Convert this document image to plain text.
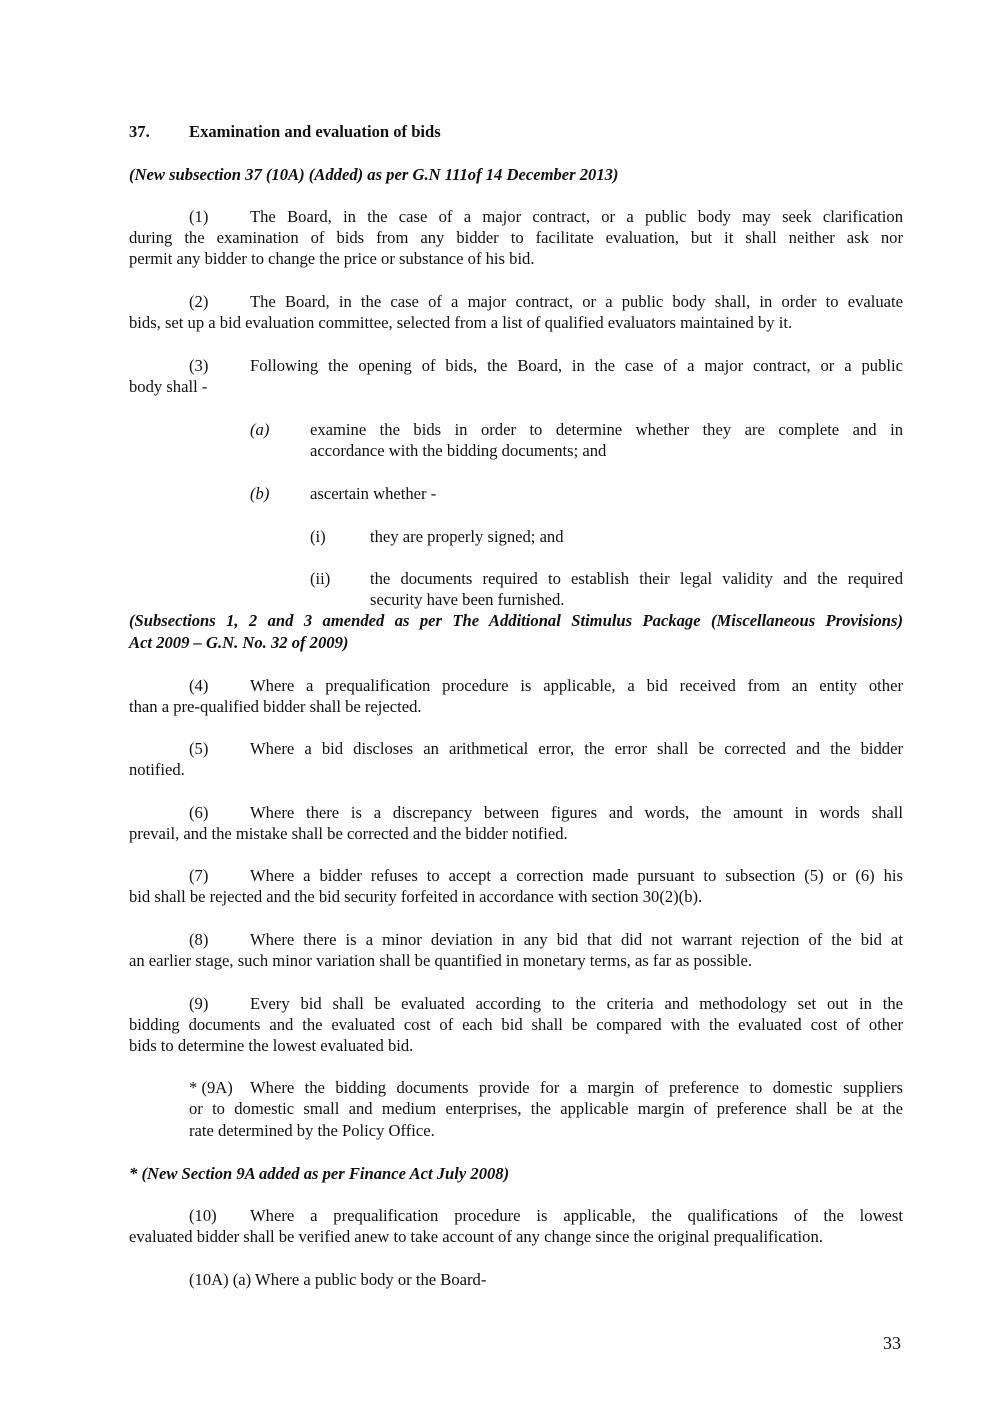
37. Examination and evaluation of bids
(New subsection 37 (10A) (Added) as per G.N 111of 14 December 2013)
(1)	The Board, in the case of a major contract, or a public body may seek clarification
during the examination of bids from any bidder to facilitate evaluation, but it shall neither ask nor
permit any bidder to change the price or substance of his bid.
(2)	The Board, in the case of a major contract, or a public body shall, in order to evaluate
bids, set up a bid evaluation committee, selected from a list of qualified evaluators maintained by it.
(3)	Following the opening of bids, the Board, in the case of a major contract, or a public
body shall -
(a) examine the bids in order to determine whether they are complete and in
accordance with the bidding documents; and
(b) ascertain whether -
(i)	they are properly signed; and
(ii) the documents required to establish their legal validity and the required
security have been furnished.
(Subsections 1, 2 and 3 amended as per The Additional Stimulus Package (Miscellaneous Provisions)
Act 2009 – G.N. No. 32 of 2009)
(4)	Where a prequalification procedure is applicable, a bid received from an entity other
than a pre-qualified bidder shall be rejected.
(5)	Where a bid discloses an arithmetical error, the error shall be corrected and the bidder
notified.
(6)	Where there is a discrepancy between figures and words, the amount in words shall
prevail, and the mistake shall be corrected and the bidder notified.
(7)	Where a bidder refuses to accept a correction made pursuant to subsection (5) or (6) his
bid shall be rejected and the bid security forfeited in accordance with section 30(2)(b).
(8)	Where there is a minor deviation in any bid that did not warrant rejection of the bid at
an earlier stage, such minor variation shall be quantified in monetary terms, as far as possible.
(9)	Every bid shall be evaluated according to the criteria and methodology set out in the
bidding documents and the evaluated cost of each bid shall be compared with the evaluated cost of other
bids to determine the lowest evaluated bid.
* (9A) Where the bidding documents provide for a margin of preference to domestic suppliers
or to domestic small and medium enterprises, the applicable margin of preference shall be at the
rate determined by the Policy Office.
* (New Section 9A added as per Finance Act July 2008)
(10) Where a prequalification procedure is applicable, the qualifications of the lowest
evaluated bidder shall be verified anew to take account of any change since the original prequalification.
(10A) (a) Where a public body or the Board-
33
